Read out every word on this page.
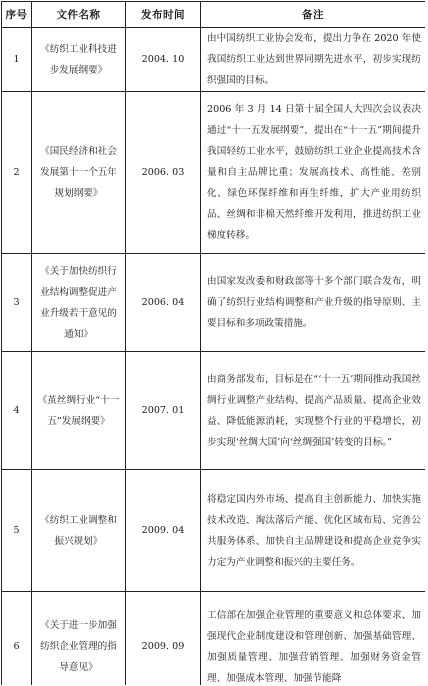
序号	文件名称	发布时间	备注
1	《纺织工业科技进步发展纲要》	2004. 10	由中国纺织工业协会发布，提出力争在 2020 年使我国纺织工业达到世界同期先进水平，初步实现纺织强国的目标。
2	《国民经济和社会发展第十一个五年规划纲要》	2006. 03	2006 年 3 月 14 日第十届全国人大四次会议表决通过“十一五发展纲要”，提出在“十一五”期间提升我国轻纺工业水平，鼓励纺织工业企业提高技术含量和自主品牌比重；发展高技术、高性能、差别化、绿色环保纤维和再生纤维，扩大产业用纺织品、丝绸和非棉天然纤维开发利用，推进纺织工业梯度转移。
3	《关于加快纺织行业结构调整促进产业升级若干意见的通知》	2006. 04	由国家发改委和财政部等十多个部门联合发布，明确了纺织行业结构调整和产业升级的指导原则、主要目标和多项政策措施。
4	《茧丝绸行业“十一五”发展纲要》	2007. 01	由商务部发布，目标是在“‘十一五’期间推动我国丝绸行业调整产业结构、提高产品质量、提高企业效益、降低能源消耗，实现整个行业的平稳增长，初步实现‘丝绸大国’向‘丝绸强国’转变的目标。”
5	《纺织工业调整和振兴规划》	2009. 04	将稳定国内外市场、提高自主创新能力、加快实施技术改造、淘汰落后产能、优化区域布局、完善公共服务体系、加快自主品牌建设和提高企业竞争实力定为产业调整和振兴的主要任务。
6	《关于进一步加强纺织企业管理的指导意见》	2009. 09	工信部在加强企业管理的重要意义和总体要求、加强现代企业制度建设和管理创新、加强基础管理、加强质量管理、加强营销管理、加强财务资金管理、加强成本管理、加强节能降
